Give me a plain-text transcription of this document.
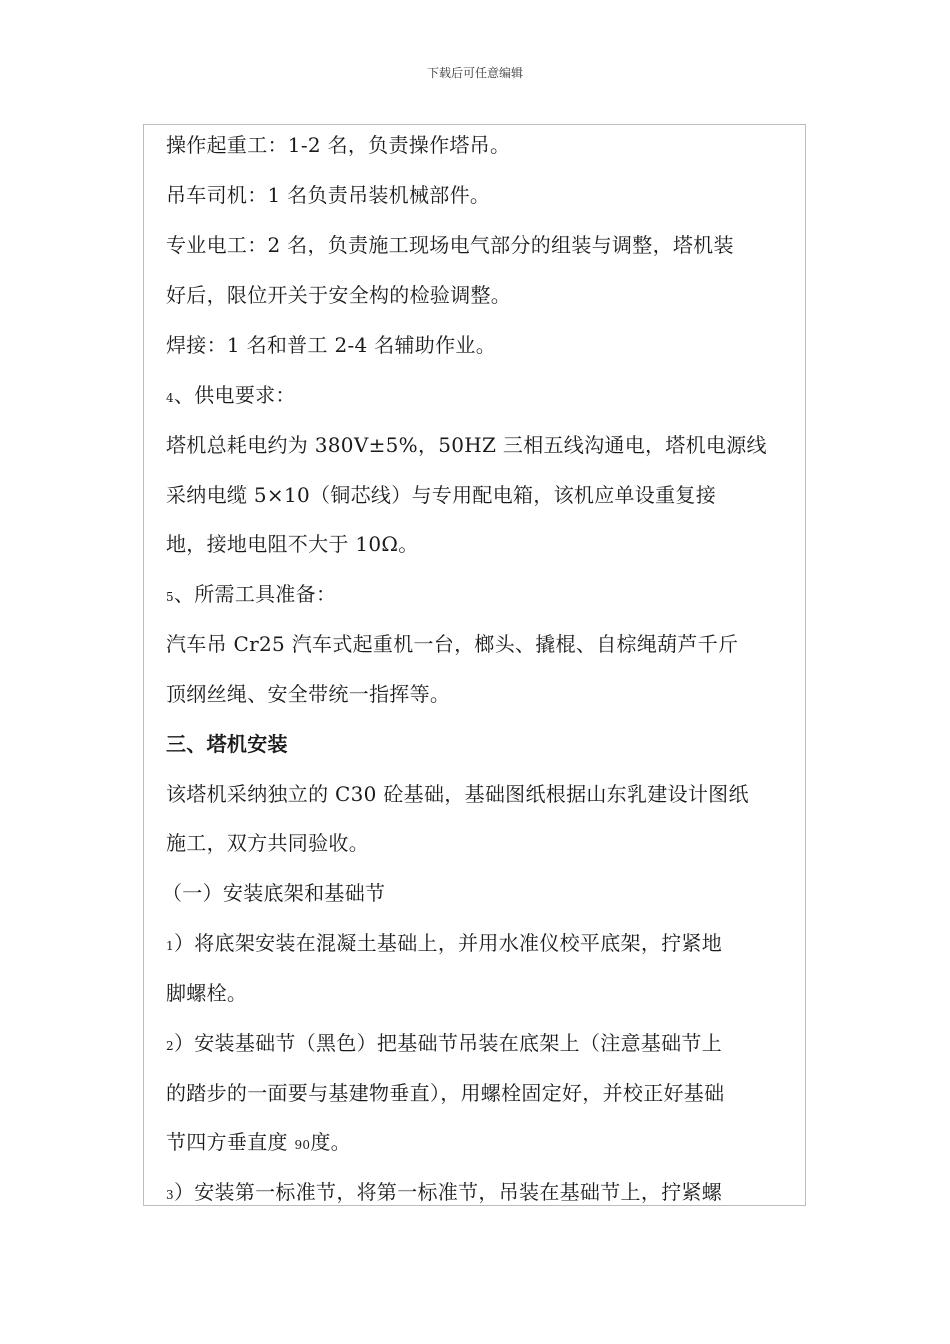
下载后可任意编辑
操作起重工：1-2 名，负责操作塔吊。
吊车司机：1 名负责吊装机械部件。
专业电工：2 名，负责施工现场电气部分的组装与调整，塔机装
好后，限位开关于安全构的检验调整。
焊接：1 名和普工 2-4 名辅助作业。
4、供电要求：
塔机总耗电约为 380V±5%，50HZ 三相五线沟通电，塔机电源线
采纳电缆 5×10（铜芯线）与专用配电箱，该机应单设重复接
地，接地电阻不大于 10Ω。
5、所需工具准备：
汽车吊 Cr25 汽车式起重机一台，榔头、撬棍、自棕绳葫芦千斤
顶纲丝绳、安全带统一指挥等。
三、塔机安装
该塔机采纳独立的 C30 砼基础，基础图纸根据山东乳建设计图纸
施工，双方共同验收。
（一）安装底架和基础节
1）将底架安装在混凝土基础上，并用水准仪校平底架，拧紧地
脚螺栓。
2）安装基础节（黑色）把基础节吊装在底架上（注意基础节上
的踏步的一面要与基建物垂直），用螺栓固定好，并校正好基础
节四方垂直度 90度。
3）安装第一标准节，将第一标准节，吊装在基础节上，拧紧螺
